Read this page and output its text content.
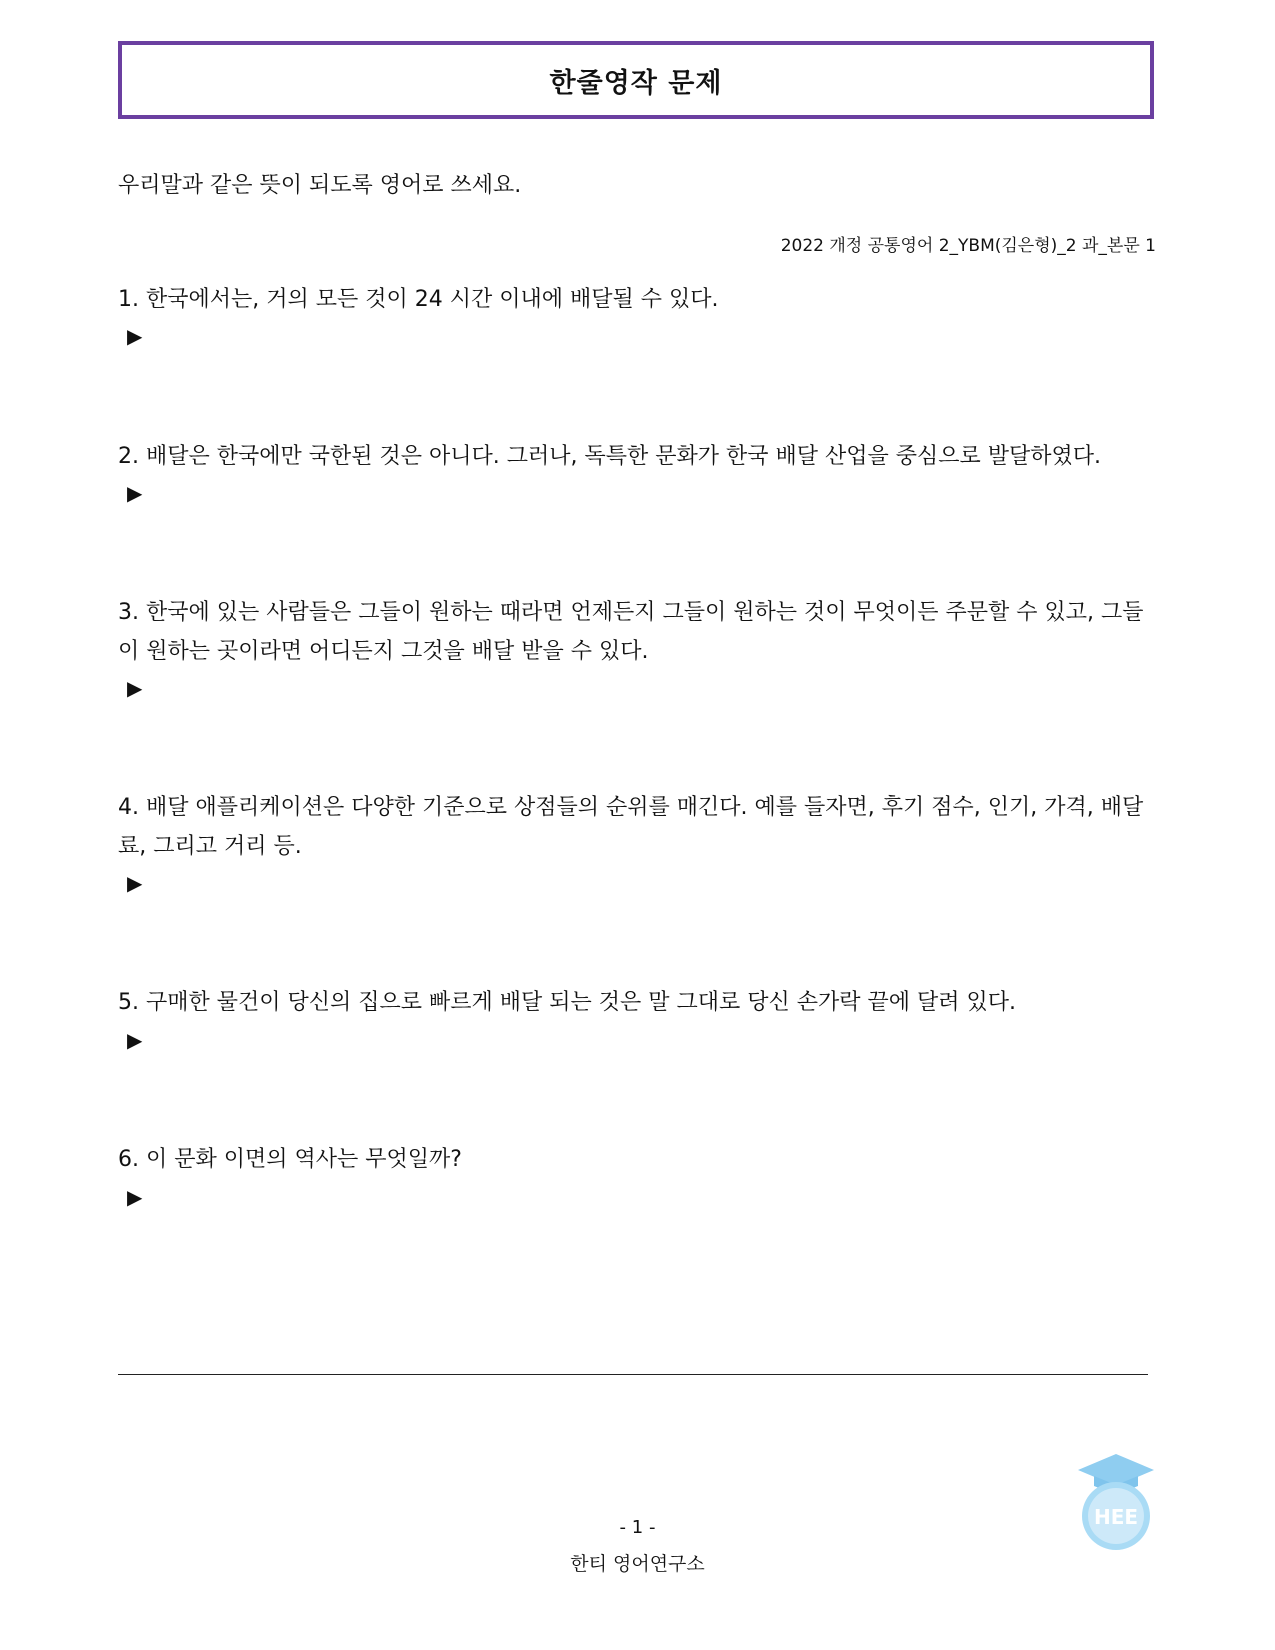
한줄영작 문제
우리말과 같은 뜻이 되도록 영어로 쓰세요.
2022 개정 공통영어 2_YBM(김은형)_2 과_본문 1
1. 한국에서는, 거의 모든 것이 24 시간 이내에 배달될 수 있다.
▶
2. 배달은 한국에만 국한된 것은 아니다. 그러나, 독특한 문화가 한국 배달 산업을 중심으로 발달하였다.
▶
3. 한국에 있는 사람들은 그들이 원하는 때라면 언제든지 그들이 원하는 것이 무엇이든 주문할 수 있고, 그들이 원하는 곳이라면 어디든지 그것을 배달 받을 수 있다.
▶
4. 배달 애플리케이션은 다양한 기준으로 상점들의 순위를 매긴다. 예를 들자면, 후기 점수, 인기, 가격, 배달료, 그리고 거리 등.
▶
5. 구매한 물건이 당신의 집으로 빠르게 배달 되는 것은 말 그대로 당신 손가락 끝에 달려 있다.
▶
6. 이 문화 이면의 역사는 무엇일까?
▶
HEE
- 1 -
한티 영어연구소
